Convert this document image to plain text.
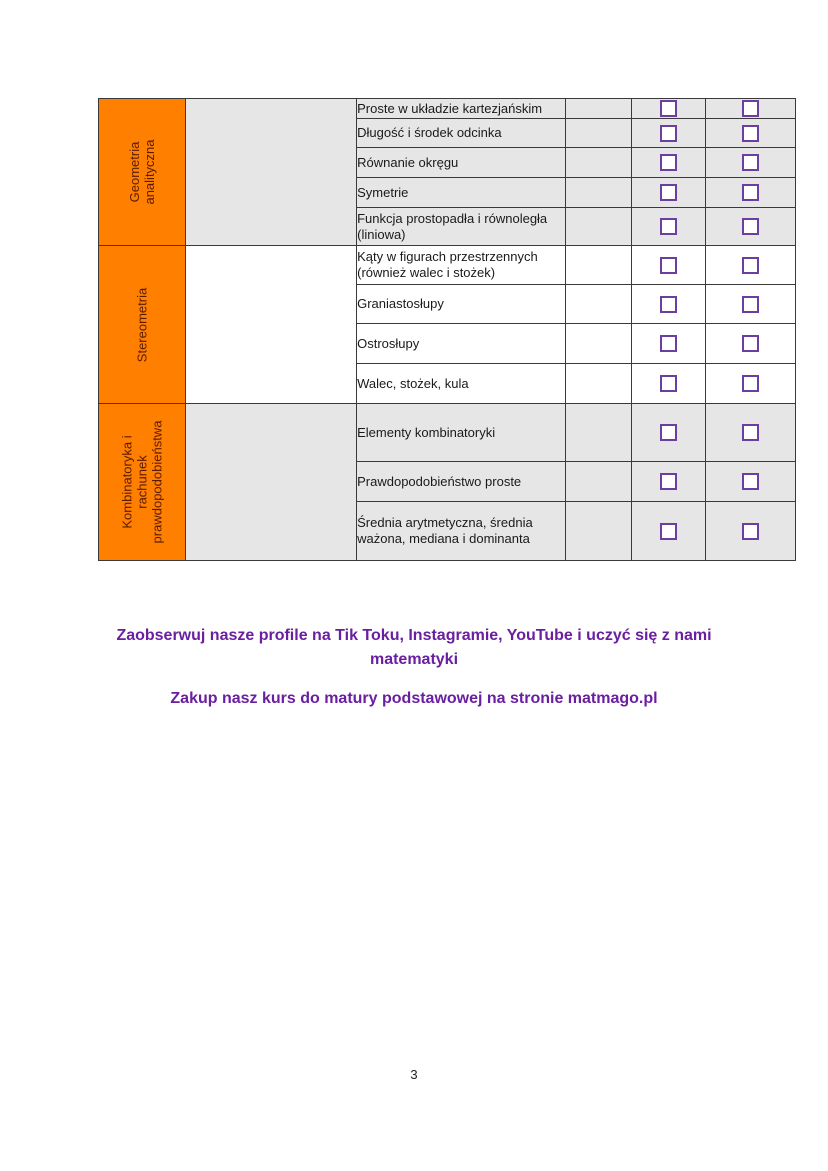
Geometria
analityczna		Proste w układzie kartezjańskim			
		Długość i środek odcinka			
		Równanie okręgu			
		Symetrie			
		Funkcja prostopadła i równoległa (liniowa)			

Stereometria		Kąty w figurach przestrzennych (również walec i stożek)			
		Graniastosłupy			
		Ostrosłupy			
		Walec, stożek, kula			

Kombinatoryka i
rachunek
prawdopodobieństwa		Elementy kombinatoryki			
		Prawdopodobieństwo proste			
		Średnia arytmetyczna, średnia ważona, mediana i dominanta			
Zaobserwuj nasze profile na Tik Toku, Instagramie, YouTube i uczyć się z nami matematyki
Zakup nasz kurs do matury podstawowej na stronie matmago.pl
3
